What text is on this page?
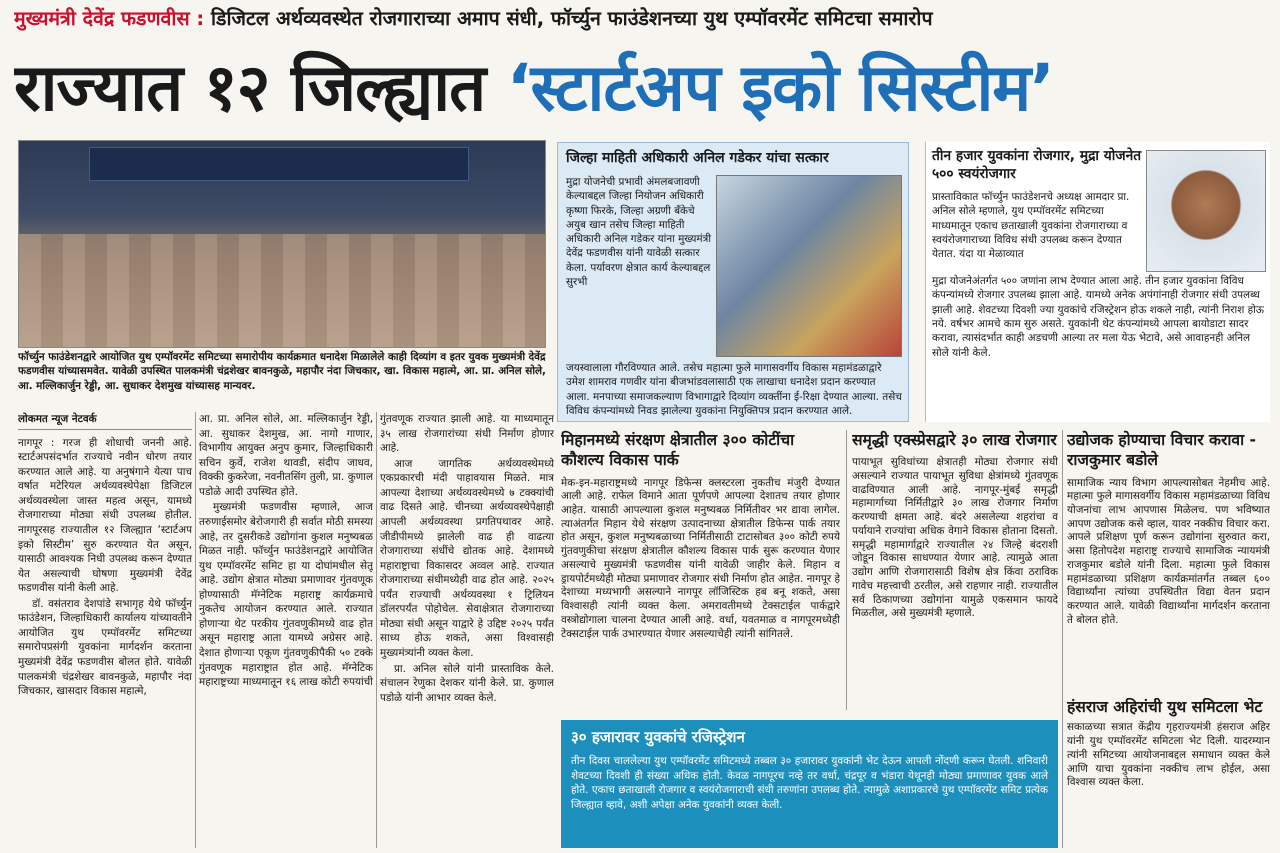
मुख्यमंत्री देवेंद्र फडणवीस : डिजिटल अर्थव्यवस्थेत रोजगाराच्या अमाप संधी, फॉर्च्युन फाउंडेशनच्या युथ एम्पॉवरमेंट समिटचा समारोप
राज्यात १२ जिल्ह्यात ‘स्टार्टअप इको सिस्टीम’
फॉर्च्युन फाउंडेशनद्वारे आयोजित युथ एम्पॉवरमेंट समिटच्या समारोपीय कार्यक्रमात धनादेश मिळालेले काही दिव्यांग व इतर युवक मुख्यमंत्री देवेंद्र फडणवीस यांच्यासमवेत. यावेळी उपस्थित पालकमंत्री चंद्रशेखर बावनकुळे, महापौर नंदा जिचकार, खा. विकास महात्मे, आ. प्रा. अनिल सोले, आ. मल्लिकार्जुन रेड्डी, आ. सुधाकर देशमुख यांच्यासह मान्यवर.
लोकमत न्यूज नेटवर्क

नागपूर : गरज ही शोधाची जननी आहे. स्टार्टअपसंदर्भात राज्याचे नवीन धोरण तयार करण्यात आले आहे. या अनुषंगाने येत्या पाच वर्षात मटेरियल अर्थव्यवस्थेपेक्षा डिजिटल अर्थव्यवस्थेला जास्त महत्व असून, यामध्ये रोजगाराच्या मोठ्या संधी उपलब्ध होतील. नागपूरसह राज्यातील १२ जिल्ह्यात ‘स्टार्टअप इको सिस्टीम’ सुरु करण्यात येत असून, यासाठी आवश्यक निधी उपलब्ध करून देण्यात येत असल्याची घोषणा मुख्यमंत्री देवेंद्र फडणवीस यांनी केली आहे.

डॉ. वसंतराव देशपांडे सभागृह येथे फॉर्च्युन फाउंडेशन, जिल्हाधिकारी कार्यालय यांच्यावतीने आयोजित युथ एम्पॉवरमेंट समिटच्या समारोपप्रसंगी युवकांना मार्गदर्शन करताना मुख्यमंत्री देवेंद्र फडणवीस बोलत होते. यावेळी पालकमंत्री चंद्रशेखर बावनकुळे, महापौर नंदा जिचकार, खासदार विकास महात्मे,

आ. प्रा. अनिल सोले, आ. मल्लिकार्जुन रेड्डी, आ. सुधाकर देशमुख, आ. नागो गाणार, विभागीय आयुक्त अनुप कुमार, जिल्हाधिकारी सचिन कुर्वे, राजेश थावडी, संदीप जाधव, विक्की कुकरेजा, नवनीतसिंग तुली, प्रा. कुणाल पडोळे आदी उपस्थित होते.

मुख्यमंत्री फडणवीस म्हणाले, आज तरुणाईसमोर बेरोजगारी ही सर्वात मोठी समस्या आहे, तर दुसरीकडे उद्योगांना कुशल मनुष्यबळ मिळत नाही. फॉर्च्युन फाउंडेशनद्वारे आयोजित युथ एम्पॉवरमेंट समिट हा या दोघांमधील सेतू आहे. उद्योग क्षेत्रात मोठ्या प्रमाणावर गुंतवणूक होण्यासाठी मॅग्नेटिक महाराष्ट्र कार्यक्रमाचे नुकतेच आयोजन करण्यात आले. राज्यात होणाऱ्या थेट परकीय गुंतवणुकीमध्ये वाढ होत असून महाराष्ट्र आता यामध्ये अग्रेसर आहे. देशात होणाऱ्या एकूण गुंतवणुकीपैकी ५० टक्के गुंतवणूक महाराष्ट्रात होत आहे. मॅग्नेटिक महाराष्ट्रच्या माध्यमातून १६ लाख कोटी रुपयांची

गुंतवणूक राज्यात झाली आहे. या माध्यमातून ३५ लाख रोजगारांच्या संधी निर्माण होणार आहे.

आज जागतिक अर्थव्यवस्थेमध्ये एकप्रकारची मंदी पाहावयास मिळते. मात्र आपल्या देशाच्या अर्थव्यवस्थेमध्ये ७ टक्क्यांची वाढ दिसते आहे. चीनच्या अर्थव्यवस्थेपेक्षाही आपली अर्थव्यवस्था प्रगतिपथावर आहे. जीडीपीमध्ये झालेली वाढ ही वाढत्या रोजगाराच्या संधींचे द्योतक आहे. देशामध्ये महाराष्ट्राचा विकासदर अव्वल आहे. राज्यात रोजगाराच्या संधीमध्येही वाढ होत आहे. २०२५ पर्यंत राज्याची अर्थव्यवस्था १ ट्रिलियन डॉलरपर्यंत पोहोचेल. सेवाक्षेत्रात रोजगाराच्या मोठ्या संधी असून याद्वारे हे उद्दिष्ट २०२५ पर्यंत साध्य होऊ शकते, असा विश्वासही मुख्यमंत्र्यांनी व्यक्त केला.

प्रा. अनिल सोले यांनी प्रास्ताविक केले. संचालन रेणुका देशकर यांनी केले. प्रा. कुणाल पडोळे यांनी आभार व्यक्त केले.

जिल्हा माहिती अधिकारी अनिल गडेकर यांचा सत्कार
मुद्रा योजनेची प्रभावी अंमलबजावणी केल्याबद्दल जिल्हा नियोजन अधिकारी कृष्णा फिरके, जिल्हा अग्रणी बँकेचे अयुब खान तसेच जिल्हा माहिती अधिकारी अनिल गडेकर यांना मुख्यमंत्री देवेंद्र फडणवीस यांनी यावेळी सत्कार केला. पर्यावरण क्षेत्रात कार्य केल्याबद्दल सुरभी
जयस्वालाला गौरविण्यात आले. तसेच महात्मा फुले मागासवर्गीय विकास महामंडळाद्वारे उमेश शामराव गणवीर यांना बीजभांडवलासाठी एक लाखाचा धनादेश प्रदान करण्यात आला. मनपाच्या समाजकल्याण विभागाद्वारे दिव्यांग व्यक्तींना ई-रिक्षा देण्यात आल्या. तसेच विविध कंपन्यांमध्ये निवड झालेल्या युवकांना नियुक्तिपत्र प्रदान करण्यात आले.
तीन हजार युवकांना रोजगार, मुद्रा योजनेत ५०० स्वयंरोजगार
प्रास्ताविकात फॉर्च्युन फाउंडेशनचे अध्यक्ष आमदार प्रा. अनिल सोले म्हणाले, युथ एम्पॉवरमेंट समिटच्या माध्यमातून एकाच छताखाली युवकांना रोजगाराच्या व स्वयंरोजगाराच्या विविध संधी उपलब्ध करून देण्यात येतात. यंदा या मेळाव्यात
मुद्रा योजनेअंतर्गत ५०० जणांना लाभ देण्यात आला आहे. तीन हजार युवकांना विविध कंपन्यांमध्ये रोजगार उपलब्ध झाला आहे. यामध्ये अनेक अपंगांनाही रोजगार संधी उपलब्ध झाली आहे. शेवटच्या दिवशी ज्या युवकांचे रजिस्ट्रेशन होऊ शकले नाही, त्यांनी निराश होऊ नये. वर्षभर आमचे काम सुरु असते. युवकांनी थेट कंपन्यांमध्ये आपला बायोडाटा सादर करावा, त्यासंदर्भात काही अडचणी आल्या तर मला येऊ भेटावे, असे आवाहनही अनिल सोले यांनी केले.
मिहानमध्ये संरक्षण क्षेत्रातील ३०० कोटींचा कौशल्य विकास पार्क

मेक-इन-महाराष्ट्रमध्ये नागपूर डिफेन्स क्लस्टरला नुकतीच मंजुरी देण्यात आली आहे. राफेल विमाने आता पूर्णपणे आपल्या देशातच तयार होणार आहेत. यासाठी आपल्याला कुशल मनुष्यबळ निर्मितीवर भर द्यावा लागेल. त्याअंतर्गत मिहान येथे संरक्षण उत्पादनाच्या क्षेत्रातील डिफेन्स पार्क तयार होत असून, कुशल मनुष्यबळाच्या निर्मितीसाठी टाटासोबत ३०० कोटी रुपये गुंतवणुकीचा संरक्षण क्षेत्रातील कौशल्य विकास पार्क सुरू करण्यात येणार असल्याचे मुख्यमंत्री फडणवीस यांनी यावेळी जाहीर केले. मिहान व ड्रायपोर्टमध्येही मोठ्या प्रमाणावर रोजगार संधी निर्माण होत आहेत. नागपूर हे देशाच्या मध्यभागी असल्याने नागपूर लॉजिस्टिक हब बनू शकते, असा विश्वासही त्यांनी व्यक्त केला. अमरावतीमध्ये टेक्सटाईल पार्कद्वारे वस्त्रोद्योगाला चालना देण्यात आली आहे. वर्धा, यवतमाळ व नागपूरमध्येही टेक्सटाईल पार्क उभारण्यात येणार असल्याचेही त्यांनी सांगितले.

समृद्धी एक्स्प्रेसद्वारे ३० लाख रोजगार

पायाभूत सुविधांच्या क्षेत्रातही मोठ्या रोजगार संधी असल्याने राज्यात पायाभूत सुविधा क्षेत्रांमध्ये गुंतवणूक वाढविण्यात आली आहे. नागपूर-मुंबई समृद्धी महामार्गाच्या निर्मितीद्वारे ३० लाख रोजगार निर्माण करण्याची क्षमता आहे. बंदरे असलेल्या शहरांचा व पर्यायाने राज्यांचा अधिक वेगाने विकास होताना दिसतो. समृद्धी महामार्गाद्वारे राज्यातील २४ जिल्हे बंदराशी जोडून विकास साधण्यात येणार आहे. त्यामुळे आता उद्योग आणि रोजगारासाठी विशेष क्षेत्र किंवा ठराविक गावेच महत्त्वाची ठरतील, असे राहणार नाही. राज्यातील सर्व ठिकाणच्या उद्योगांना यामुळे एकसमान फायदे मिळतील, असे मुख्यमंत्री म्हणाले.

उद्योजक होण्याचा विचार करावा - राजकुमार बडोले

सामाजिक न्याय विभाग आपल्यासोबत नेहमीच आहे. महात्मा फुले मागासवर्गीय विकास महामंडळाच्या विविध योजनांचा लाभ आपणास मिळेलच. पण भविष्यात आपण उद्योजक कसे व्हाल, यावर नक्कीच विचार करा. आपले प्रशिक्षण पूर्ण करून उद्योगांना सुरुवात करा, असा हितोपदेश महाराष्ट्र राज्याचे सामाजिक न्यायमंत्री राजकुमार बडोले यांनी दिला. महात्मा फुले विकास महामंडळाच्या प्रशिक्षण कार्यक्रमांतर्गत तब्बल ६०० विद्यार्थ्यांना त्यांच्या उपस्थितीत विद्या वेतन प्रदान करण्यात आले. यावेळी विद्यार्थ्यांना मार्गदर्शन करताना ते बोलत होते.

हंसराज अहिरांची युथ समिटला भेट

सकाळच्या सत्रात केंद्रीय गृहराज्यमंत्री हंसराज अहिर यांनी युथ एम्पॉवरमेंट समिटला भेट दिली. यादरम्यान त्यांनी समिटच्या आयोजनाबद्दल समाधान व्यक्त केले आणि याचा युवकांना नक्कीच लाभ होईल, असा विश्वास व्यक्त केला.

३० हजारावर युवकांचे रजिस्ट्रेशन

तीन दिवस चाललेल्या युथ एम्पॉवरमेंट समिटमध्ये तब्बल ३० हजारावर युवकांनी भेट देऊन आपली नोंदणी करून घेतली. शनिवारी शेवटच्या दिवशी ही संख्या अधिक होती. केवळ नागपूरच नव्हे तर वर्धा, चंद्रपूर व भंडारा येथूनही मोठ्या प्रमाणावर युवक आले होते. एकाच छताखाली रोजगार व स्वयंरोजगाराची संधी तरुणांना उपलब्ध होते. त्यामुळे अशाप्रकारचे युथ एम्पॉवरमेंट समिट प्रत्येक जिल्ह्यात व्हावे, अशी अपेक्षा अनेक युवकांनी व्यक्त केली.
